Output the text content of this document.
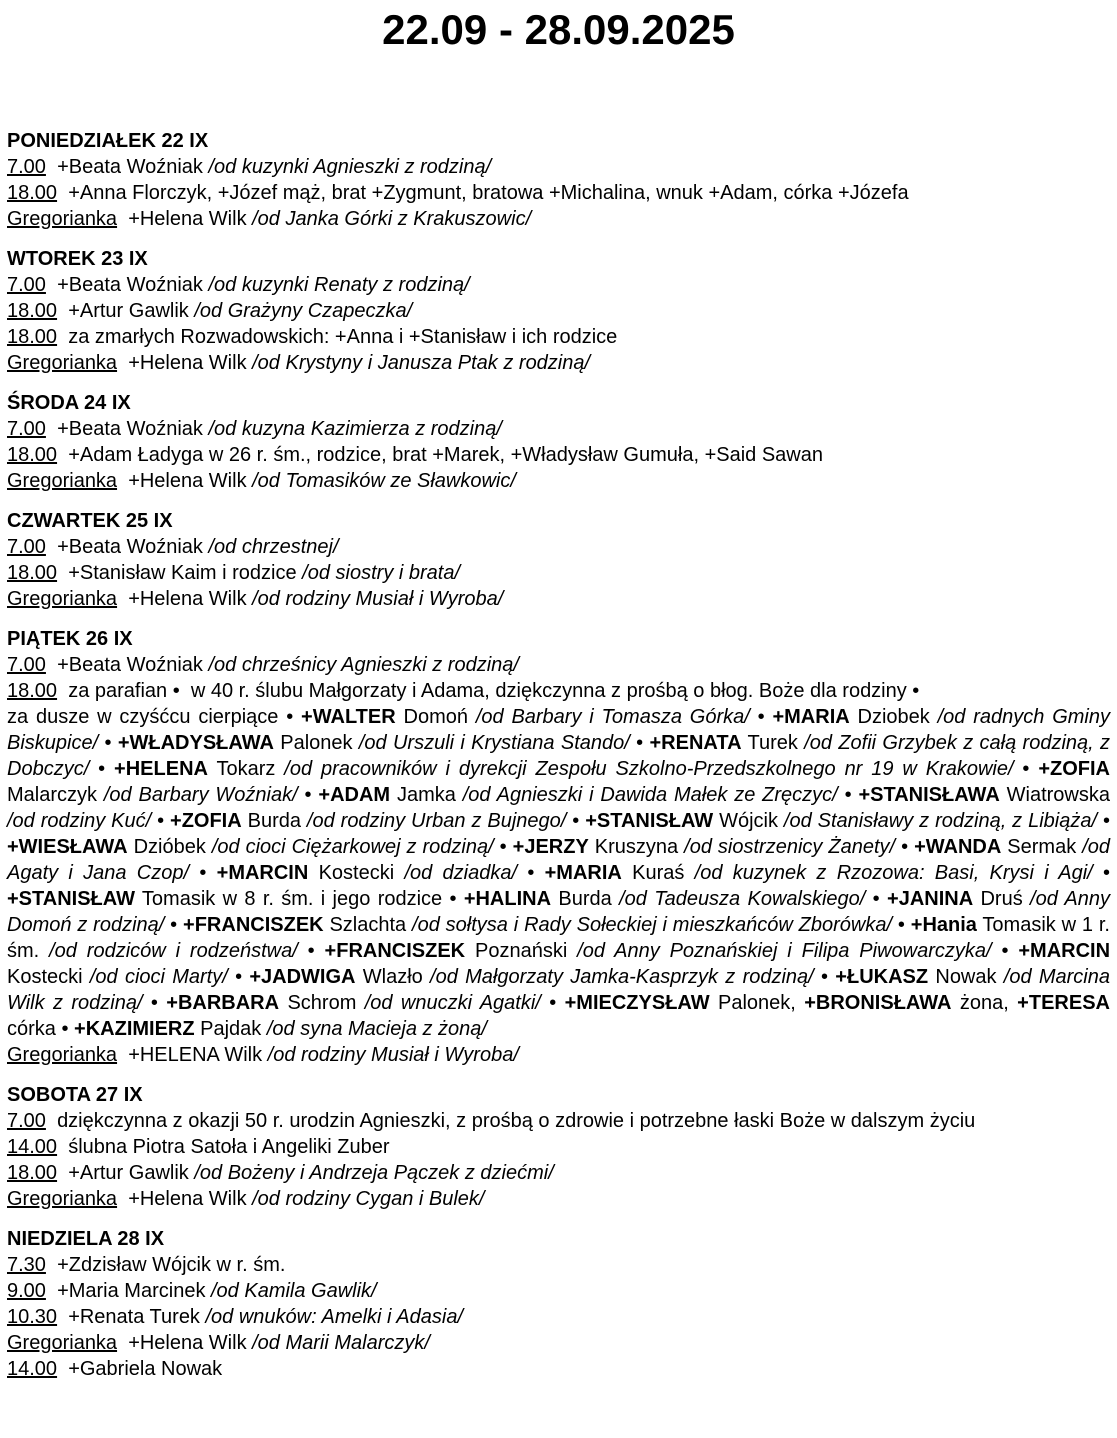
22.09 - 28.09.2025
PONIEDZIAŁEK 22 IX

7.00 +Beata Woźniak /od kuzynki Agnieszki z rodziną/

18.00 +Anna Florczyk, +Józef mąż, brat +Zygmunt, bratowa +Michalina, wnuk +Adam, córka +Józefa

Gregorianka +Helena Wilk /od Janka Górki z Krakuszowic/

WTOREK 23 IX

7.00 +Beata Woźniak /od kuzynki Renaty z rodziną/

18.00 +Artur Gawlik /od Grażyny Czapeczka/

18.00 za zmarłych Rozwadowskich: +Anna i +Stanisław i ich rodzice

Gregorianka +Helena Wilk /od Krystyny i Janusza Ptak z rodziną/

ŚRODA 24 IX

7.00 +Beata Woźniak /od kuzyna Kazimierza z rodziną/

18.00 +Adam Ładyga w 26 r. śm., rodzice, brat +Marek, +Władysław Gumuła, +Said Sawan

Gregorianka +Helena Wilk /od Tomasików ze Sławkowic/

CZWARTEK 25 IX

7.00 +Beata Woźniak /od chrzestnej/

18.00 +Stanisław Kaim i rodzice /od siostry i brata/

Gregorianka +Helena Wilk /od rodziny Musiał i Wyroba/

PIĄTEK 26 IX

7.00 +Beata Woźniak /od chrześnicy Agnieszki z rodziną/

18.00 za parafian •  w 40 r. ślubu Małgorzaty i Adama, dziękczynna z prośbą o błog. Boże dla rodziny •

za dusze w czyśćcu cierpiące • +WALTER Domoń /od Barbary i Tomasza Górka/ • +MARIA Dziobek /od radnych Gminy Biskupice/ • +WŁADYSŁAWA Palonek /od Urszuli i Krystiana Stando/ • +RENATA Turek /od Zofii Grzybek z całą rodziną, z Dobczyc/ • +HELENA Tokarz /od pracowników i dyrekcji Zespołu Szkolno-Przedszkolnego nr 19 w Krakowie/ • +ZOFIA Malarczyk /od Barbary Woźniak/ • +ADAM Jamka /od Agnieszki i Dawida Małek ze Zręczyc/ • +STANISŁAWA Wiatrowska /od rodziny Kuć/ • +ZOFIA Burda /od rodziny Urban z Bujnego/ • +STANISŁAW Wójcik /od Stanisławy z rodziną, z Libiąża/ • +WIESŁAWA Dzióbek /od cioci Ciężarkowej z rodziną/ • +JERZY Kruszyna /od siostrzenicy Żanety/ • +WANDA Sermak /od Agaty i Jana Czop/ • +MARCIN Kostecki /od dziadka/ • +MARIA Kuraś /od kuzynek z Rzozowa: Basi, Krysi i Agi/ • +STANISŁAW Tomasik w 8 r. śm. i jego rodzice • +HALINA Burda /od Tadeusza Kowalskiego/ • +JANINA Druś /od Anny Domoń z rodziną/ • +FRANCISZEK Szlachta /od sołtysa i Rady Sołeckiej i mieszkańców Zborówka/ • +Hania Tomasik w 1 r. śm. /od rodziców i rodzeństwa/ • +FRANCISZEK Poznański /od Anny Poznańskiej i Filipa Piwowarczyka/ • +MARCIN Kostecki /od cioci Marty/ • +JADWIGA Wlazło /od Małgorzaty Jamka-Kasprzyk z rodziną/ • +ŁUKASZ Nowak /od Marcina Wilk z rodziną/ • +BARBARA Schrom /od wnuczki Agatki/ • +MIECZYSŁAW Palonek, +BRONISŁAWA żona, +TERESA córka • +KAZIMIERZ Pajdak /od syna Macieja z żoną/

Gregorianka +HELENA Wilk /od rodziny Musiał i Wyroba/

SOBOTA 27 IX

7.00 dziękczynna z okazji 50 r. urodzin Agnieszki, z prośbą o zdrowie i potrzebne łaski Boże w dalszym życiu

14.00 ślubna Piotra Satoła i Angeliki Zuber

18.00 +Artur Gawlik /od Bożeny i Andrzeja Pączek z dziećmi/

Gregorianka +Helena Wilk /od rodziny Cygan i Bulek/

NIEDZIELA 28 IX

7.30 +Zdzisław Wójcik w r. śm.

9.00 +Maria Marcinek /od Kamila Gawlik/

10.30 +Renata Turek /od wnuków: Amelki i Adasia/

Gregorianka +Helena Wilk /od Marii Malarczyk/

14.00 +Gabriela Nowak
